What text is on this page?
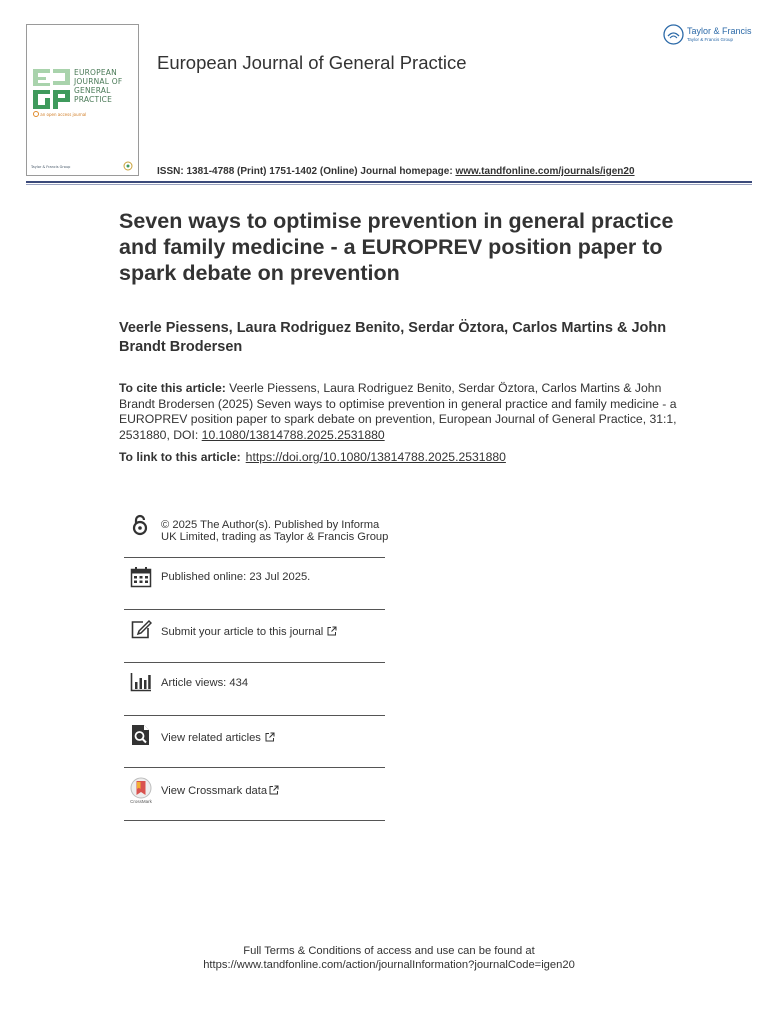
EUROPEAN
JOURNAL OF
GENERAL
PRACTICE
an open access journal
Taylor & Francis Group
European Journal of General Practice
Taylor & Francis
Taylor & Francis Group
ISSN: 1381-4788 (Print) 1751-1402 (Online) Journal homepage: www.tandfonline.com/journals/igen20
Seven ways to optimise prevention in general practice and family medicine - a EUROPREV position paper to spark debate on prevention
Veerle Piessens, Laura Rodriguez Benito, Serdar Öztora, Carlos Martins & John Brandt Brodersen
To cite this article: Veerle Piessens, Laura Rodriguez Benito, Serdar Öztora, Carlos Martins & John Brandt Brodersen (2025) Seven ways to optimise prevention in general practice and family medicine - a EUROPREV position paper to spark debate on prevention, European Journal of General Practice, 31:1, 2531880, DOI: 10.1080/13814788.2025.2531880
To link to this article: https://doi.org/10.1080/13814788.2025.2531880
© 2025 The Author(s). Published by Informa UK Limited, trading as Taylor & Francis Group
Published online: 23 Jul 2025.
Submit your article to this journal
Article views: 434
View related articles
CrossMark
View Crossmark data
Full Terms & Conditions of access and use can be found at
https://www.tandfonline.com/action/journalInformation?journalCode=igen20
